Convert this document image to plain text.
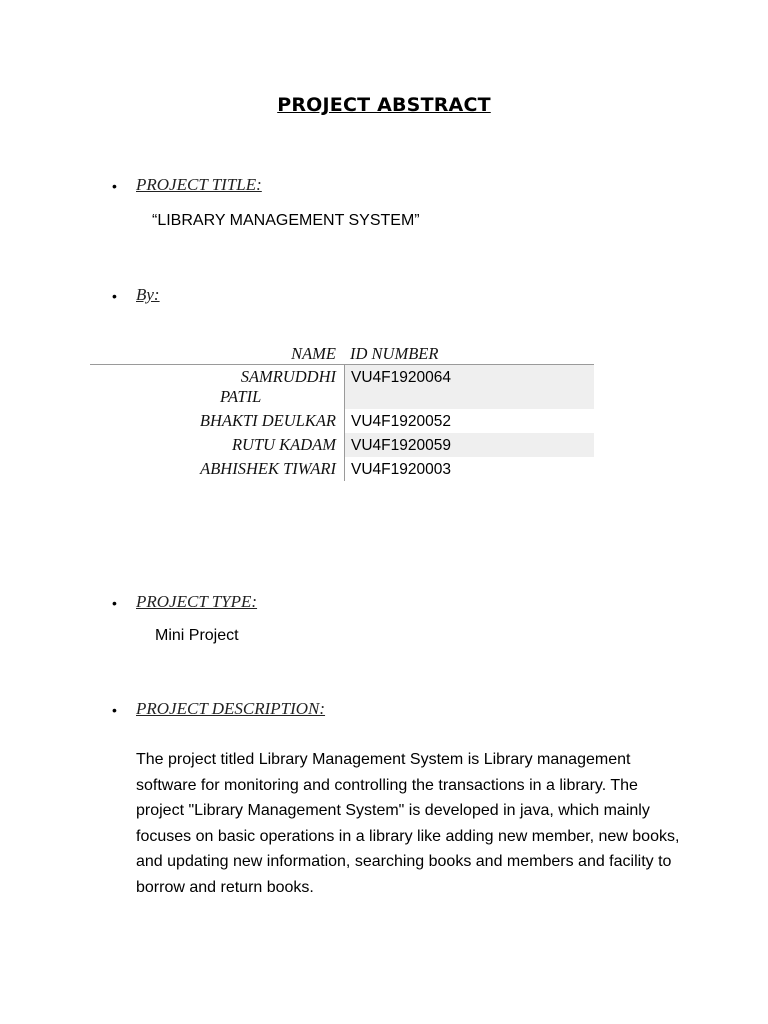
PROJECT ABSTRACT
• PROJECT TITLE:
“LIBRARY MANAGEMENT SYSTEM”
• By:
NAME ID NUMBER
SAMRUDDHI
PATIL
VU4F1920064
BHAKTI DEULKAR VU4F1920052
RUTU KADAM VU4F1920059
ABHISHEK TIWARI VU4F1920003
• PROJECT TYPE:
Mini Project
• PROJECT DESCRIPTION:
The project titled Library Management System is Library management software for monitoring and controlling the transactions in a library. The project "Library Management System" is developed in java, which mainly focuses on basic operations in a library like adding new member, new books, and updating new information, searching books and members and facility to borrow and return books.
